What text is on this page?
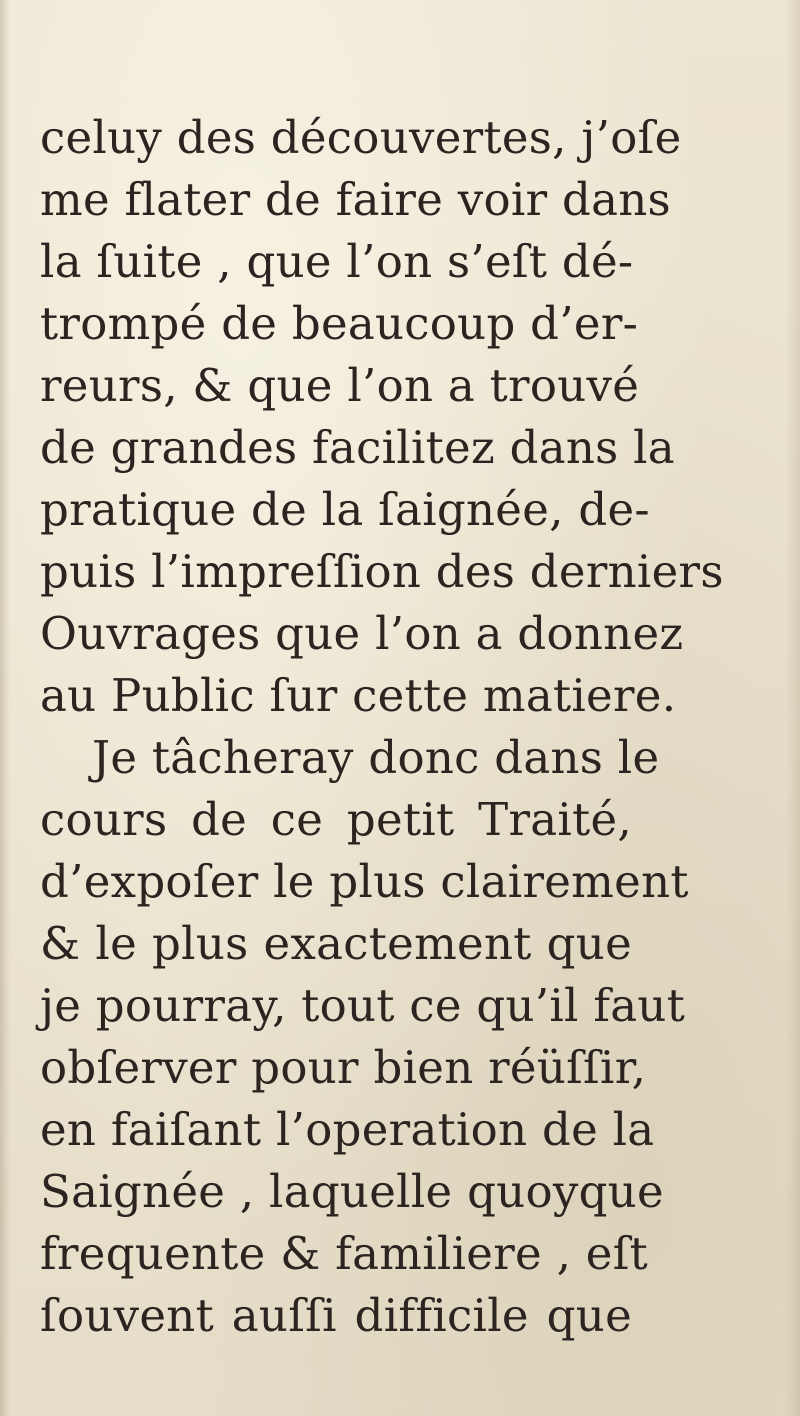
celuy des découvertes, j’oſe
me flater de faire voir dans
la ſuite , que l’on s’eſt dé-
trompé de beaucoup d’er-
reurs, & que l’on a trouvé
de grandes facilitez dans la
pratique de la ſaignée, de-
puis l’impreſſion des derniers
Ouvrages que l’on a donnez
au Public ſur cette matiere.
Je tâcheray donc dans le
cours de ce petit Traité,
d’expoſer le plus clairement
& le plus exactement que
je pourray, tout ce qu’il faut
obſerver pour bien réüſſir,
en faiſant l’operation de la
Saignée , laquelle quoyque
frequente & familiere , eſt
ſouvent auſſi difficile que
